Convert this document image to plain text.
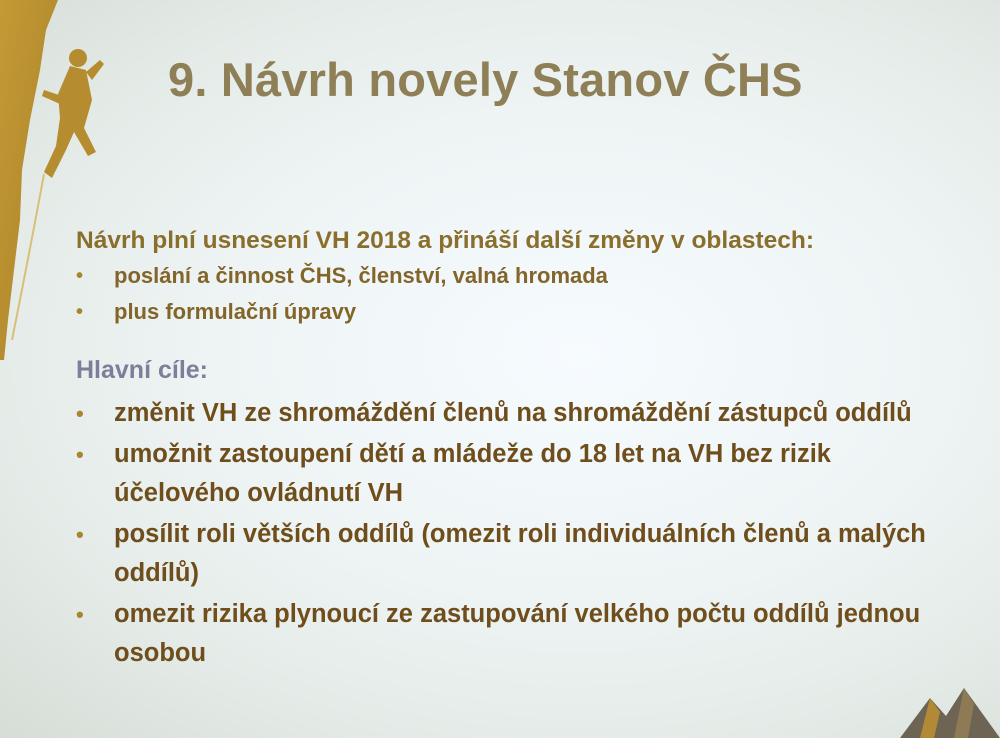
9. Návrh novely Stanov ČHS
Návrh plní usnesení VH 2018 a přináší další změny v oblastech:
• poslání a činnost ČHS, členství, valná hromada
• plus formulační úpravy
Hlavní cíle:
• změnit VH ze shromáždění členů na shromáždění zástupců oddílů
• umožnit zastoupení dětí a mládeže do 18 let na VH bez rizik účelového ovládnutí VH
• posílit roli větších oddílů (omezit roli individuálních členů a malých oddílů)
• omezit rizika plynoucí ze zastupování velkého počtu oddílů jednou osobou
